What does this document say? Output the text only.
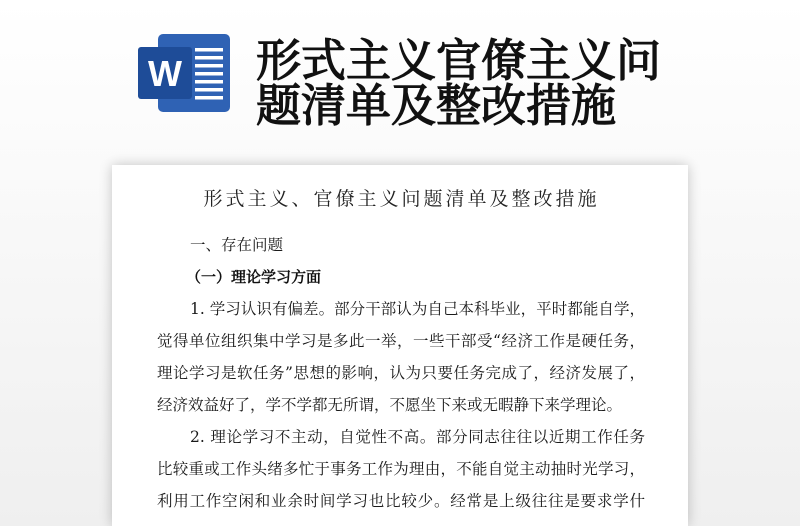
W 形式主义官僚主义问
题清单及整改措施
形式主义、官僚主义问题清单及整改措施
一、存在问题
（一）理论学习方面
1. 学习认识有偏差。部分干部认为自己本科毕业，平时都能自学，
觉得单位组织集中学习是多此一举，一些干部受“经济工作是硬任务，
理论学习是软任务”思想的影响，认为只要任务完成了，经济发展了，
经济效益好了，学不学都无所谓，不愿坐下来或无暇静下来学理论。
2. 理论学习不主动，自觉性不高。部分同志往往以近期工作任务
比较重或工作头绪多忙于事务工作为理由，不能自觉主动抽时光学习，
利用工作空闲和业余时间学习也比较少。经常是上级往往是要求学什
